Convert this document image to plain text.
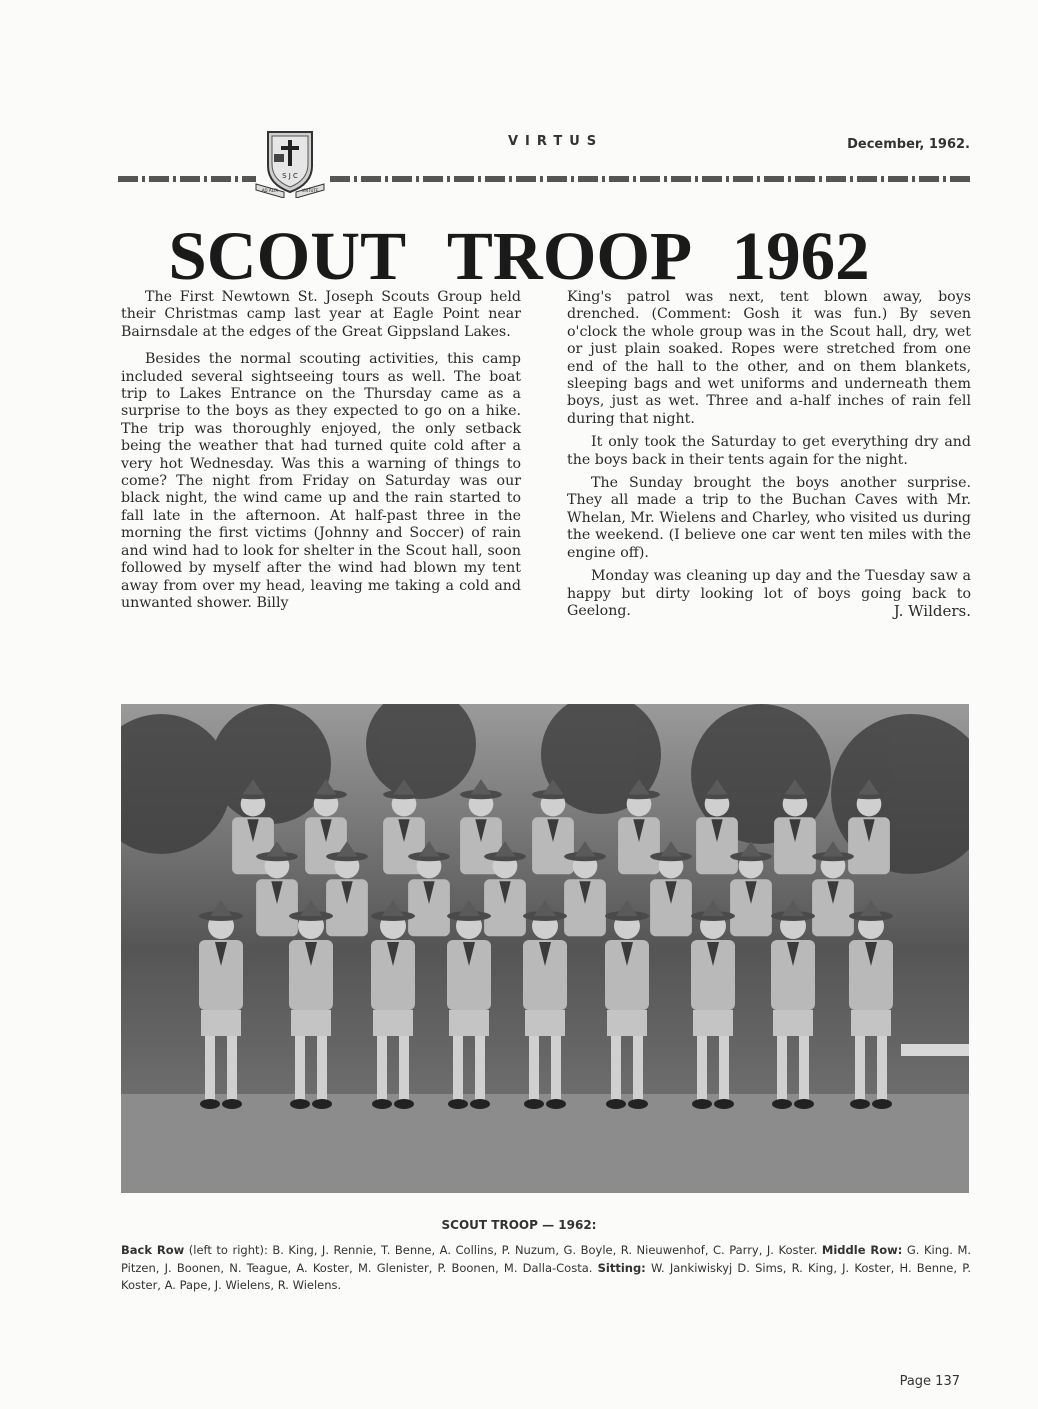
S J C
AD ALTA	VIRTUTE
VIRTUS	December, 1962.
SCOUT TROOP 1962

The First Newtown St. Joseph Scouts Group held their Christmas camp last year at Eagle Point near Bairnsdale at the edges of the Great Gippsland Lakes.

Besides the normal scouting activities, this camp included several sightseeing tours as well. The boat trip to Lakes Entrance on the Thursday came as a surprise to the boys as they expected to go on a hike. The trip was thoroughly enjoyed, the only setback being the weather that had turned quite cold after a very hot Wednesday. Was this a warning of things to come? The night from Friday on Saturday was our black night, the wind came up and the rain started to fall late in the afternoon. At half-past three in the morning the first victims (Johnny and Soccer) of rain and wind had to look for shelter in the Scout hall, soon followed by myself after the wind had blown my tent away from over my head, leaving me taking a cold and unwanted shower. Billy

King's patrol was next, tent blown away, boys drenched. (Comment: Gosh it was fun.) By seven o'clock the whole group was in the Scout hall, dry, wet or just plain soaked. Ropes were stretched from one end of the hall to the other, and on them blankets, sleeping bags and wet uniforms and underneath them boys, just as wet. Three and a-half inches of rain fell during that night.

It only took the Saturday to get everything dry and the boys back in their tents again for the night.

The Sunday brought the boys another surprise. They all made a trip to the Buchan Caves with Mr. Whelan, Mr. Wielens and Charley, who visited us during the weekend. (I believe one car went ten miles with the engine off).

Monday was cleaning up day and the Tuesday saw a happy but dirty looking lot of boys going back to Geelong.	J. Wilders.

SCOUT TROOP — 1962:
Back Row (left to right): B. King, J. Rennie, T. Benne, A. Collins, P. Nuzum, G. Boyle, R. Nieuwenhof, C. Parry, J. Koster. Middle Row: G. King. M. Pitzen, J. Boonen, N. Teague, A. Koster, M. Glenister, P. Boonen, M. Dalla-Costa. Sitting: W. Jankiwiskyj D. Sims, R. King, J. Koster, H. Benne, P. Koster, A. Pape, J. Wielens, R. Wielens.
Page 137
